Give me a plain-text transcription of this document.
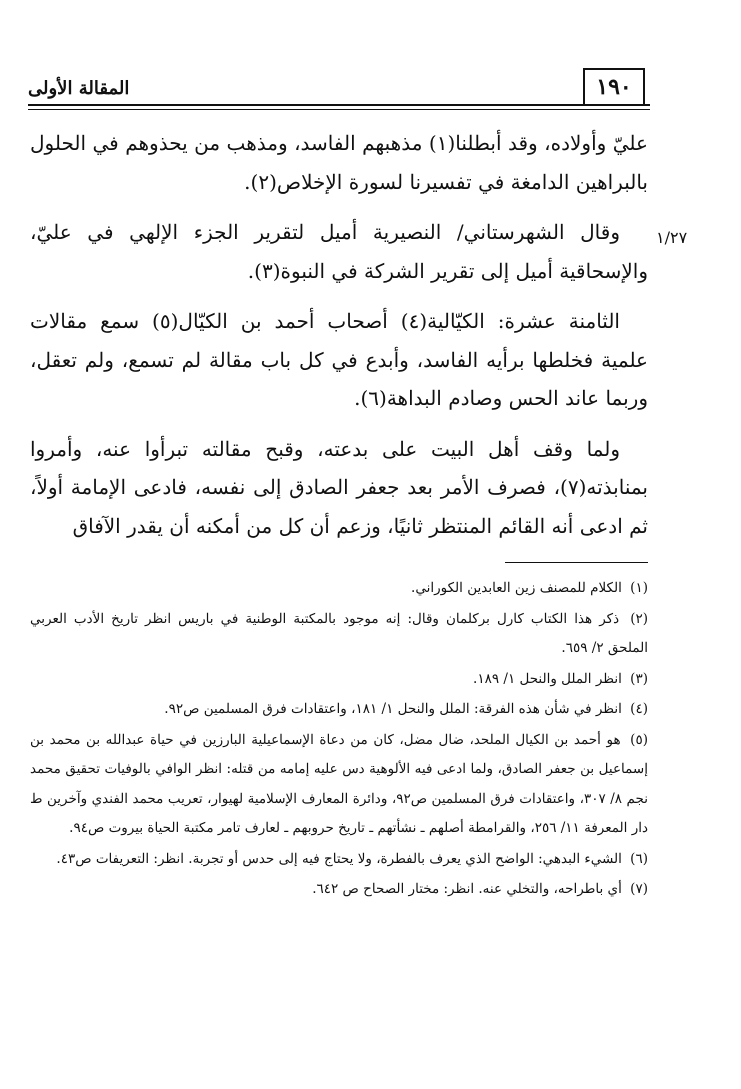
المقالة الأولى	١٩٠
١/٢٧

عليّ وأولاده، وقد أبطلنا(١) مذهبهم الفاسد، ومذهب من يحذوهم في الحلول بالبراهين الدامغة في تفسيرنا لسورة الإخلاص(٢).

وقال الشهرستاني/ النصيرية أميل لتقرير الجزء الإلهي في عليّ، والإسحاقية أميل إلى تقرير الشركة في النبوة(٣).

الثامنة عشرة: الكيّالية(٤) أصحاب أحمد بن الكيّال(٥) سمع مقالات علمية فخلطها برأيه الفاسد، وأبدع في كل باب مقالة لم تسمع، ولم تعقل، وربما عاند الحس وصادم البداهة(٦).

ولما وقف أهل البيت على بدعته، وقبح مقالته تبرأوا عنه، وأمروا بمنابذته(٧)، فصرف الأمر بعد جعفر الصادق إلى نفسه، فادعى الإمامة أولاً، ثم ادعى أنه القائم المنتظر ثانيًا، وزعم أن كل من أمكنه أن يقدر الآفاق

(١) الكلام للمصنف زين العابدين الكوراني.
(٢) ذكر هذا الكتاب كارل بركلمان وقال: إنه موجود بالمكتبة الوطنية في باريس انظر تاريخ الأدب العربي الملحق ٢/ ٦٥٩.
(٣) انظر الملل والنحل ١/ ١٨٩.
(٤) انظر في شأن هذه الفرقة: الملل والنحل ١/ ١٨١، واعتقادات فرق المسلمين ص٩٢.
(٥) هو أحمد بن الكيال الملحد، ضال مضل، كان من دعاة الإسماعيلية البارزين في حياة عبدالله بن محمد بن إسماعيل بن جعفر الصادق، ولما ادعى فيه الألوهية دس عليه إمامه من قتله: انظر الوافي بالوفيات تحقيق محمد نجم ٨/ ٣٠٧، واعتقادات فرق المسلمين ص٩٢، ودائرة المعارف الإسلامية لهيوار، تعريب محمد الفندي وآخرين ط دار المعرفة ١١/ ٢٥٦، والقرامطة أصلهم ـ نشأتهم ـ تاريخ حروبهم ـ لعارف تامر مكتبة الحياة بيروت ص٩٤.
(٦) الشيء البدهي: الواضح الذي يعرف بالفطرة، ولا يحتاج فيه إلى حدس أو تجربة. انظر: التعريفات ص٤٣.
(٧) أي باطراحه، والتخلي عنه. انظر: مختار الصحاح ص ٦٤٢.
